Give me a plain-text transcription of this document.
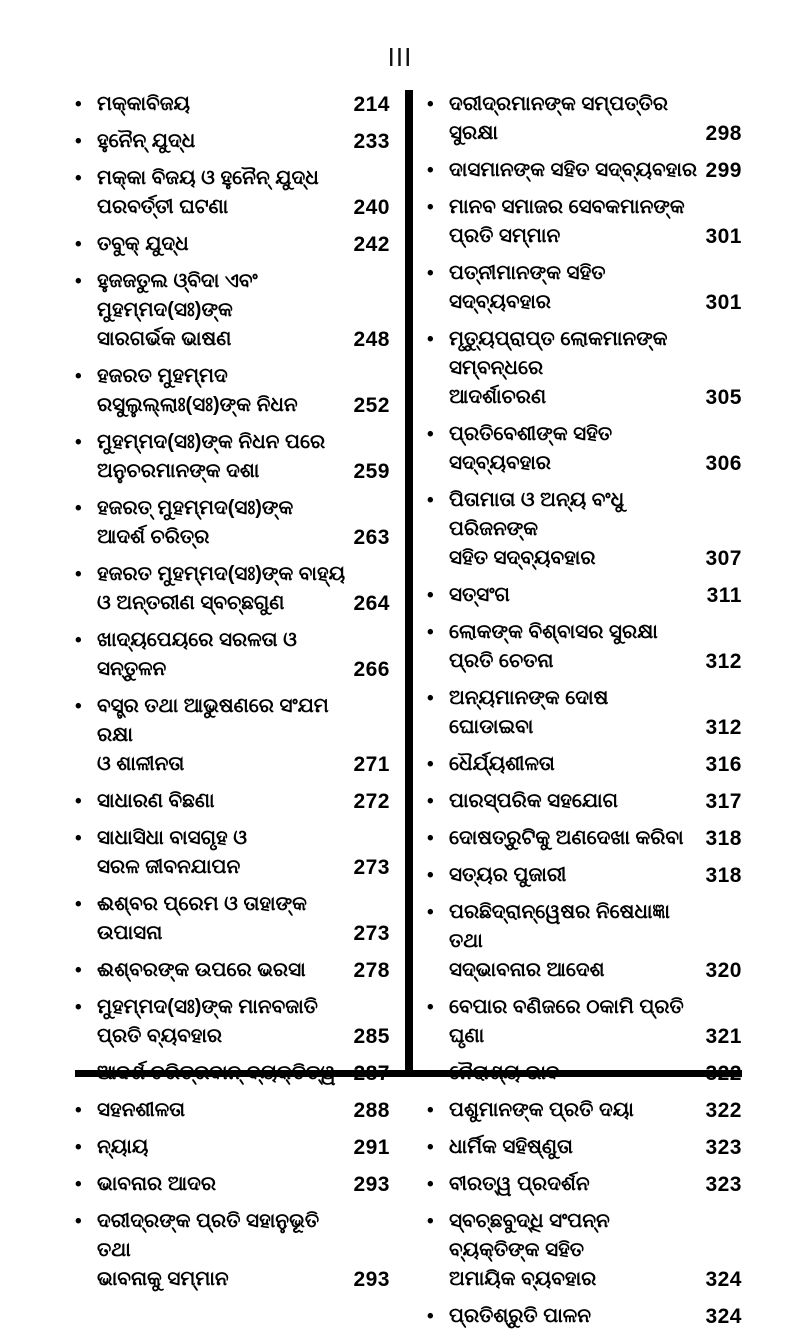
III
• ମକ୍କାବିଜୟ	214
• ହୁନୈନ୍ ଯୁଦ୍ଧ	233
• ମକ୍କା ବିଜୟ ଓ ହୁନୈନ୍ ଯୁଦ୍ଧ
ପରବର୍ତ୍ତୀ ଘଟଣା	240
• ତବୁକ୍ ଯୁଦ୍ଧ	242
• ହୁଜଜତୁଲ ଓ୍ବିଦା ଏବଂ ମୁହମ୍ମଦ(ସଃ)ଙ୍କ
ସାରଗର୍ଭକ ଭାଷଣ	248
• ହଜରତ ମୁହମ୍ମଦ ରସୁଲୁଲ୍ଲାଃ(ସଃ)ଙ୍କ ନିଧନ	252
• ମୁହମ୍ମଦ(ସଃ)ଙ୍କ ନିଧନ ପରେ
ଅନୁଚରମାନଙ୍କ ଦଶା	259
• ହଜରତ୍ ମୁହମ୍ମଦ(ସଃ)ଙ୍କ ଆଦର୍ଶ ଚରିତ୍ର	263
• ହଜରତ ମୁହମ୍ମଦ(ସଃ)ଙ୍କ ବାହ୍ୟ
ଓ ଅନ୍ତରୀଣ ସ୍ବଚ୍ଛଗୁଣ	264
• ଖାଦ୍ୟପେୟରେ ସରଳତା ଓ ସନ୍ତୁଳନ	266
• ବସ୍ତ୍ର ତଥା ଆଭୁଷଣରେ ସଂଯମ ରକ୍ଷା
ଓ ଶାଳୀନତା	271
• ସାଧାରଣ ବିଛଣା	272
• ସାଧାସିଧା ବାସଗୃହ ଓ
ସରଳ ଜୀବନଯାପନ	273
• ଈଶ୍ବର ପ୍ରେମ ଓ ତାହାଙ୍କ ଉପାସନା	273
• ଈଶ୍ବରଙ୍କ ଉପରେ ଭରସା	278
• ମୁହମ୍ମଦ(ସଃ)ଙ୍କ ମାନବଜାତି ପ୍ରତି ବ୍ୟବହାର	285
• ଆଦର୍ଶ ଚରିତ୍ରବାନ୍ ବ୍ୟକ୍ତିତ୍ୱ 287
• ସହନଶୀଳତା	288
• ନ୍ୟାୟ	291
• ଭାବନାର ଆଦର	293
• ଦରୀଦ୍ରଙ୍କ ପ୍ରତି ସହାନୁଭୂତି ତଥା
ଭାବନାକୁ ସମ୍ମାନ	293
• ଦରୀଦ୍ରମାନଙ୍କ ସମ୍ପତ୍ତିର ସୁରକ୍ଷା	298
• ଦାସମାନଙ୍କ ସହିତ ସଦ୍‌ବ୍ୟବହାର 299
• ମାନବ ସମାଜର ସେବକମାନଙ୍କ
ପ୍ରତି ସମ୍ମାନ	301
• ପତ୍ନୀମାନଙ୍କ ସହିତ ସଦ୍‌ବ୍ୟବହାର	301
• ମୃତ୍ୟୁପ୍ରାପ୍ତ ଲୋକମାନଙ୍କ ସମ୍ବନ୍ଧରେ
ଆଦର୍ଶାଚରଣ	305
• ପ୍ରତିବେଶୀଙ୍କ ସହିତ ସଦ୍‌ବ୍ୟବହାର	306
• ପିତାମାତା ଓ ଅନ୍ୟ ବଂଧୁ ପରିଜନଙ୍କ
ସହିତ ସଦ୍‌ବ୍ୟବହାର	307
• ସତ୍‌ସଂଗ	311
• ଲୋକଙ୍କ ବିଶ୍ବାସର ସୁରକ୍ଷା ପ୍ରତି ଚେତନା	312
• ଅନ୍ୟମାନଙ୍କ ଦୋଷ ଘୋଡାଇବା	312
• ଧୈର୍ଯ୍ୟଶୀଳତା	316
• ପାରସ୍ପରିକ ସହଯୋଗ	317
• ଦୋଷତ୍ରୁଟିକୁ ଅଣଦେଖା କରିବା	318
• ସତ୍ୟର ପୁଜାରୀ	318
• ପରଛିଦ୍ରାନ୍ୱେଷର ନିଷେଧାଜ୍ଞା ତଥା
ସଦ୍‌ଭାବନାର ଆଦେଶ	320
• ବେପାର ବଣିଜରେ ଠକାମି ପ୍ରତି ଘୃଣା	321
• ନୈରାଶ୍ୟ ଭାବ	322
• ପଶୁମାନଙ୍କ ପ୍ରତି ଦୟା	322
• ଧାର୍ମିକ ସହିଷ୍ଣୁତା	323
• ବୀରତ୍ୱ ପ୍ରଦର୍ଶନ	323
• ସ୍ବଚ୍ଛବୁଦ୍ଧି ସଂପନ୍ନ ବ୍ୟକ୍ତିଙ୍କ ସହିତ
ଅମାୟିକ ବ୍ୟବହାର	324
• ପ୍ରତିଶ୍ରୁତି ପାଳନ	324
